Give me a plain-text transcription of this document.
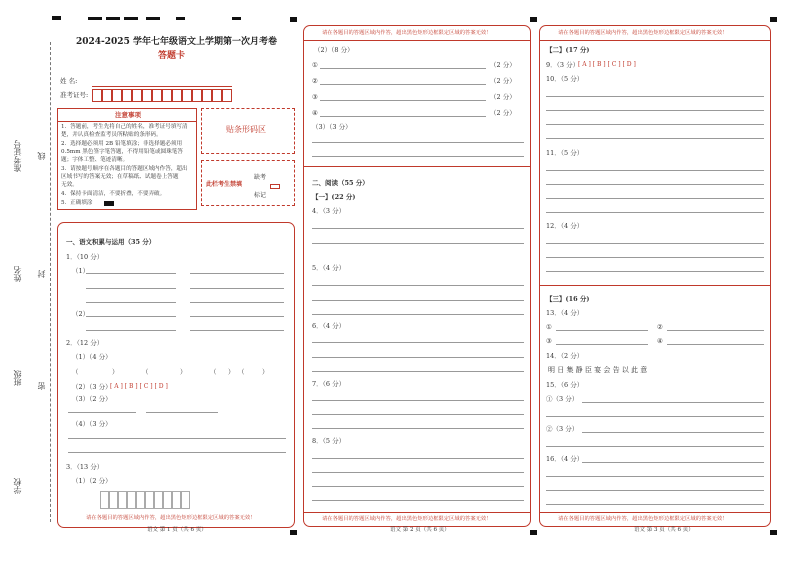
准考证号 线
姓名 封
班级 密
学校
2024-2025 学年七年级语文上学期第一次月考卷
答题卡
姓 名:
准考证号:
注意事项
1．答题前，考生先将自己的姓名，准考证号填写清
楚，并认真检查监考员所粘贴的条形码。
2．选择题必须用 2B 铅笔填涂；非选择题必须用
0.5mm 黑色签字笔答题，不得用铅笔或圆珠笔答
题；字体工整、笔迹清晰。
3．请按题号顺序在各题目的答题区域内作答，超出
区域书写的答案无效；在草稿纸、试题卷上答题
无效。
4．保持卡面清洁，不要折叠，不要弄破。
5．正确填涂
贴条形码区
此栏考生禁填
缺考
标记
一、语文积累与运用（35 分）
1．（10 分）
（1）
（2）
2．（12 分）
（1）（4 分）
（	）	（	）	（ ） （	）
（2）（3 分）
[ A ] [ B ] [ C ] [ D ]
（3）（2 分）
（4）（3 分）
3．（13 分）
（1）（2 分）
请在各题目的答题区域内作答，超出黑色矩形边框限定区域的答案无效！
语文 第 1 页（共 6 页）
请在各题目的答题区域内作答，超出黑色矩形边框限定区域的答案无效！
（2）（8 分）
①	（2 分）
②	（2 分）
③	（2 分）
④	（2 分）
（3）（3 分）
二、阅读（55 分）
【一】(22 分)
4．（3 分）
5．（4 分）
6．（4 分）
7．（6 分）
8．（5 分）
请在各题目的答题区域内作答，超出黑色矩形边框限定区域的答案无效！
语文 第 2 页（共 6 页）
请在各题目的答题区域内作答，超出黑色矩形边框限定区域的答案无效！
【二】(17 分)
9．（3 分）
[ A ] [ B ] [ C ] [ D ]
10．（5 分）
11．（5 分）
12．（4 分）
【三】(16 分)
13．（4 分）
①	②
③	④
14．（2 分）
明 日 集 静 臣 宴 会 告 以 此 意
15．（6 分）
①（3 分）
②（3 分）
16．（4 分）
请在各题目的答题区域内作答，超出黑色矩形边框限定区域的答案无效！
语文 第 3 页（共 6 页）
